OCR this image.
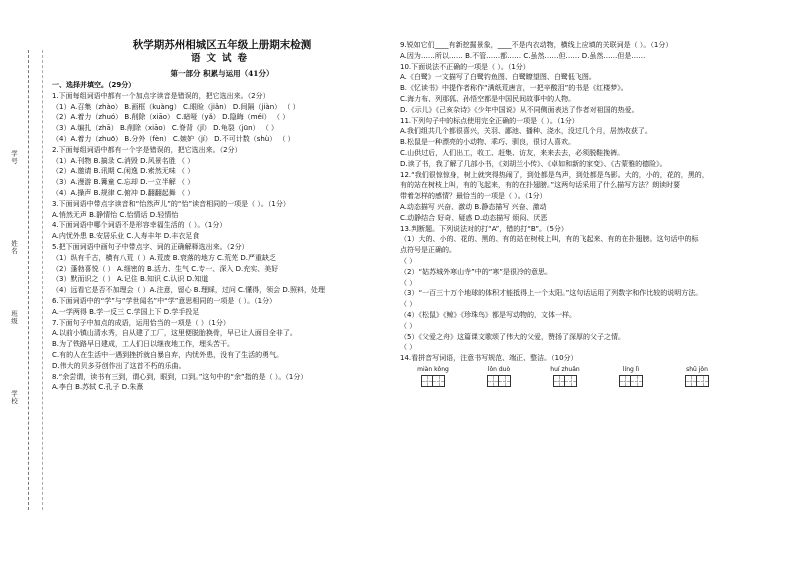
学号
姓名
班级
学校
秋学期苏州相城区五年级上册期末检测
语文试卷
第一部分 积累与运用（41分）
一、选择并填空。（29分）
1.下面每组词语中都有一个加点字读音是错误的，把它选出来。（2分）
（1）A.召集（zhào） B.画框（kuàng） C.眼睑（jiǎn） D.间隔（jiàn） （ ）
（2）A.着力（zhuó） B.削除（xiāo） C.暗哑（yǎ） D.隐晦（méi） （ ）
（3）A.编扎（zhā） B.削除（xiāo） C.脊背（jǐ） D.龟裂（jūn） （ ）
（4）A.着力（zhuō） B.分外（fèn） C.嫉妒（jí） D.不可计数（shù） （ ）
2.下面每组词语中都有一个字是错误的，把它选出来。（2分）
（1）A.刊物 B.搞录 C.消毁 D.风景名胜 （ ）
（2）A.邀请 B.讯期 C.闲逸 D.索然无味 （ ）
（3）A.漫游 B.篝童 C.忘却 D.一立半解 （ ）
（4）A.操声 B.规律 C.俯冲 D.翻翻起舞 （ ）
3.下面词语中带点字读音和“怡然声儿”的“怡”读音相同的一项是（ ）。（1分）
A.悄然无声 B.静情怡 C.怡情话 D.轻情怡
4.下面词语中哪个词语不是形容幸福生活的（ ）。（1分）
A.内忧外患 B.安居乐业 C.人寿丰年 D.丰衣足食
5.把下面词语中画句子中带点字、词的正确解释选出来。（2分）
（1）纵有千古，横有八荒（ ）A.荒废 B.衰落的地方 C.荒芜 D.严重缺乏
（2）蓬勃喜悦（ ） A.细密的 B.活力、生气 C.专一、深入 D.充实、美好
（3）默而识之（ ） A.记住 B.知识 C.认识 D.知道
（4）远看它是否不加理会（ ）A.注意，留心 B.理睬，过问 C.懂得，领会 D.照料，处理
6.下面词语中的“学”与“学世闻名”中“学”意思相同的一项是（ ）。（1分）
A.一学两得 B.学一反三 C.学国上下 D.学手投足
7.下面句子中加点的成语，运用恰当的一项是（ ）（1分）
A.以前小镇山清水秀，自从建了工厂，这里便脱胎换骨，早已让人面目全非了。
B.为了铁路早日建成，工人们日以继夜地工作，埋头苦干。
C.有的人在生活中一遇到挫折就自暴自弃，内忧外患，没有了生活的勇气。
D.伟大的贝多芬创作出了这首不朽的乐曲。
8.“余尝谓，读书有三到，谓心到，眼到，口到。”这句中的“余”指的是（ ）。（1分）
A.李白 B.苏轼 C.孔子 D.朱熹
9.锐如它们____有新挖掘景象，____不是内衣动物，横线上应填的关联词是（ ）。（1分）
A.因为……所以…… B.不管……都…… C.虽然……但…… D.虽然……但是……
10.下面说法不正确的一项是（ ）。（1分）
A.《白鹭》一文描写了白鹭钓鱼图、白鹭瞭望图、白鹭低飞图。
B.《忆读书》中提作者称作“满纸荒唐言，一把辛酸泪”的书是《红楼梦》。
C.海力布、列那狐、孙悟空都是中国民间故事中的人物。
D.《示儿》《己亥杂诗》《少年中国说》从不同侧面表达了作者对祖国的热爱。
11.下列句子中的标点使用完全正确的一项是（ ）。（1分）
A.我们组共几个都很喜兴，关羽、鄙池、播种、浇水，没过几个月，居然收获了。
B.松鼠是一种漂亮的小动物、乖巧、驯良，很讨人喜欢。
C.山供过后，人们出工，收工、赶集、访友，来来去去，必须脱鞋挽裤。
D.读了书，我了解了几部小书，《刘胡兰小传》、《卓如和新的家变》、《古蒙雅的德险》。
12.“我们很惊惊身，树上就突得热闹了，到处都是鸟声，到处都是鸟影。大的，小的，花的，黑的，
有的站在树枝上叫，有的飞起来，有的在扑翅膀。”这两句话采用了什么描写方法？朗读时要
带着怎样的感情？最恰当的一项是（ ）。（1分）
A.动态描写 兴奋、激动 B.静态描写 兴奋、激动
C.动静结合 好奇、疑惑 D.动态描写 烦闷、厌恶
13.判断题。下列说法对的打“A”，错的打“B”。（5分）
（1）大的、小的、花的、黑的、有的站在树枝上叫，有的飞起来、有的在扑翅膀。这句话中的标
点符号是正确的。
（ ）
（2）“姑苏城外寒山寺”中的“寒”是很冷的意思。
（ ）
（3）“一百三十万个地球的体积才能抵得上一个太阳。”这句话运用了列数字和作比较的说明方法。
（ ）
（4）《松鼠》《鲸》《珍珠鸟》都是写动物的，文体一样。
（ ）
（5）《父爱之舟》这篇课文歌颂了伟大的父爱，赞扬了深厚的父子之情。
（ ）
14.看拼音写词语，注意书写规范、端正、整洁。（10分）
miàn kǒng	lǒn duò	huí zhuǎn	líng lì	shū jǒn
